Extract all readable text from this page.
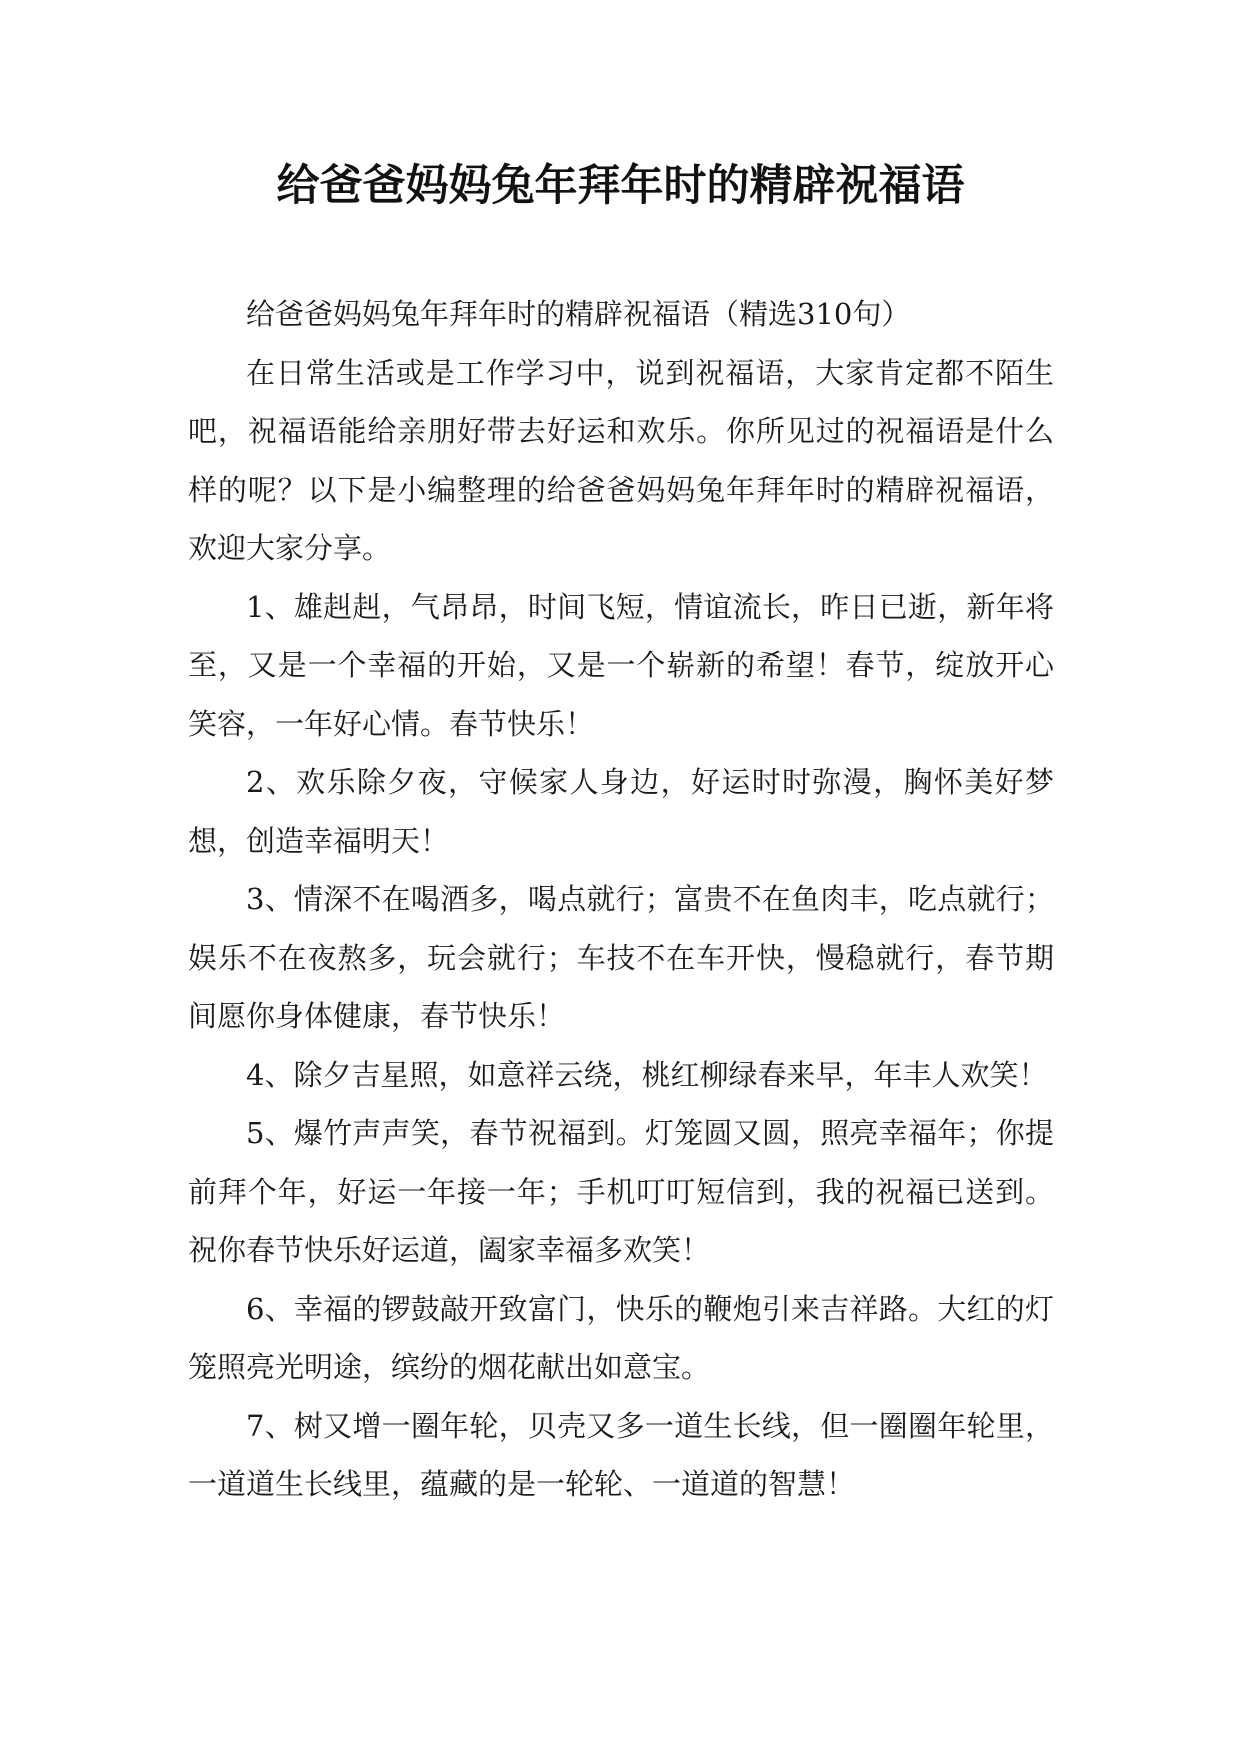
给爸爸妈妈兔年拜年时的精辟祝福语

给爸爸妈妈兔年拜年时的精辟祝福语（精选310句）

在日常生活或是工作学习中，说到祝福语，大家肯定都不陌生吧，祝福语能给亲朋好带去好运和欢乐。你所见过的祝福语是什么样的呢？以下是小编整理的给爸爸妈妈兔年拜年时的精辟祝福语，欢迎大家分享。

1、雄赳赳，气昂昂，时间飞短，情谊流长，昨日已逝，新年将至，又是一个幸福的开始，又是一个崭新的希望！春节，绽放开心笑容，一年好心情。春节快乐！

2、欢乐除夕夜，守候家人身边，好运时时弥漫，胸怀美好梦想，创造幸福明天！

3、情深不在喝酒多，喝点就行；富贵不在鱼肉丰，吃点就行；娱乐不在夜熬多，玩会就行；车技不在车开快，慢稳就行，春节期间愿你身体健康，春节快乐！

4、除夕吉星照，如意祥云绕，桃红柳绿春来早，年丰人欢笑！

5、爆竹声声笑，春节祝福到。灯笼圆又圆，照亮幸福年；你提前拜个年，好运一年接一年；手机叮叮短信到，我的祝福已送到。祝你春节快乐好运道，阖家幸福多欢笑！

6、幸福的锣鼓敲开致富门，快乐的鞭炮引来吉祥路。大红的灯笼照亮光明途，缤纷的烟花献出如意宝。

7、树又增一圈年轮，贝壳又多一道生长线，但一圈圈年轮里，一道道生长线里，蕴藏的是一轮轮、一道道的智慧！
